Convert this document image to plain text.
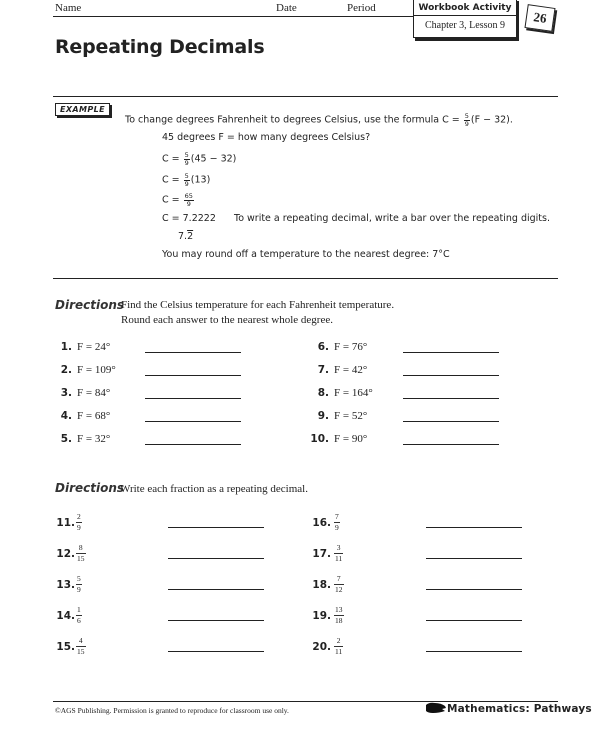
Name	Date	Period	Workbook Activity
Chapter 3, Lesson 9	26
Repeating Decimals
EXAMPLE
To change degrees Fahrenheit to degrees Celsius, use the formula $C = \frac{5}{9} (F - 32)$.
45 degrees F = how many degrees Celsius?
$C = \frac{5}{9} (45 - 32)$
$C = \frac{5}{9} (13)$
$C = \frac{65}{9}$
C = 7.2222 To write a repeating decimal, write a bar over the repeating digits.
7.2
You may round off a temperature to the nearest degree: 7°C
Directions
Find the Celsius temperature for each Fahrenheit temperature.
Round each answer to the nearest whole degree.
1. F = 24°
2. F = 109°
3. F = 84°
4. F = 68°
5. F = 32°
6. F = 76°
7. F = 42°
8. F = 164°
9. F = 52°
10. F = 90°
Directions
Write each fraction as a repeating decimal.
11. $\frac{2}{9}$
12. $\frac{8}{15}$
13. $\frac{5}{9}$
14. $\frac{1}{6}$
15. $\frac{4}{15}$
16. $\frac{7}{9}$
17. $\frac{3}{11}$
18. $\frac{7}{12}$
19. $\frac{13}{18}$
20. $\frac{2}{11}$
©AGS Publishing. Permission is granted to reproduce for classroom use only.	Mathematics: Pathways
